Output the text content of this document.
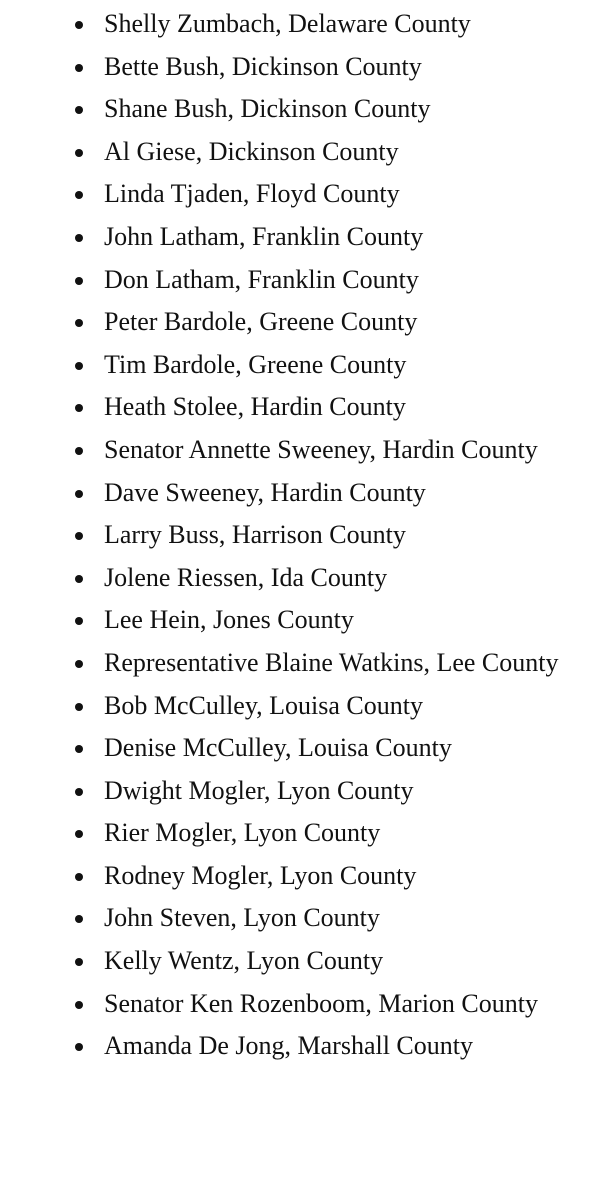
Shelly Zumbach, Delaware County
Bette Bush, Dickinson County
Shane Bush, Dickinson County
Al Giese, Dickinson County
Linda Tjaden, Floyd County
John Latham, Franklin County
Don Latham, Franklin County
Peter Bardole, Greene County
Tim Bardole, Greene County
Heath Stolee, Hardin County
Senator Annette Sweeney, Hardin County
Dave Sweeney, Hardin County
Larry Buss, Harrison County
Jolene Riessen, Ida County
Lee Hein, Jones County
Representative Blaine Watkins, Lee County
Bob McCulley, Louisa County
Denise McCulley, Louisa County
Dwight Mogler, Lyon County
Rier Mogler, Lyon County
Rodney Mogler, Lyon County
John Steven, Lyon County
Kelly Wentz, Lyon County
Senator Ken Rozenboom, Marion County
Amanda De Jong, Marshall County
